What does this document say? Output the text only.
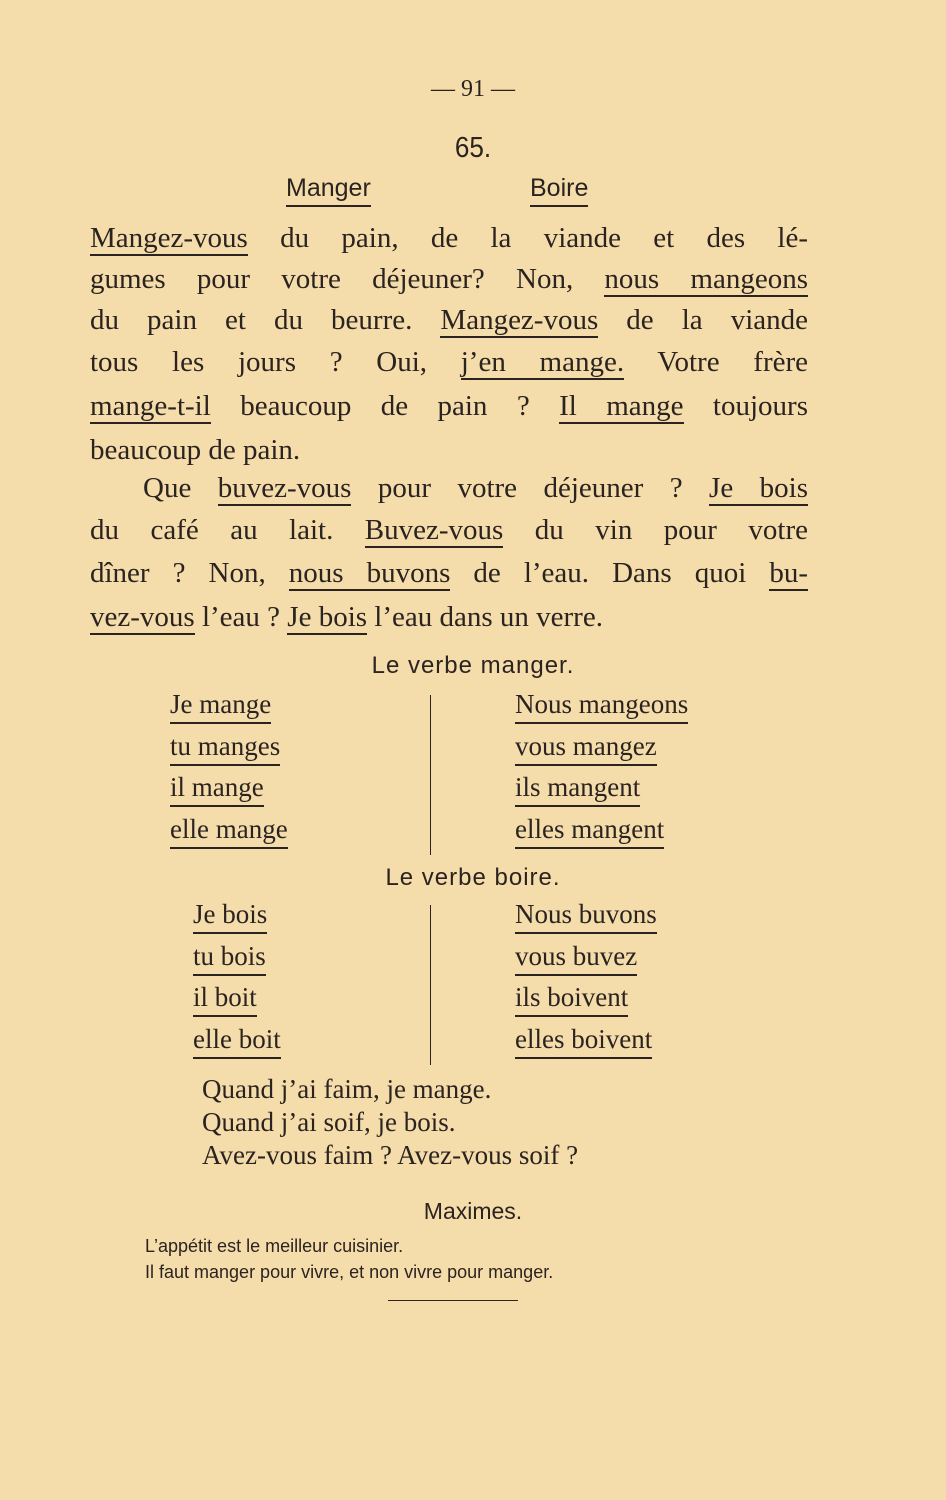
— 91 —
65.
Manger	Boire
Mangez-vous du pain, de la viande et des lé-
gumes pour votre déjeuner? Non, nous mangeons
du pain et du beurre. Mangez-vous de la viande
tous les jours ? Oui, j’en mange. Votre frère
mange-t-il beaucoup de pain ? Il mange toujours
beaucoup de pain.
Que buvez-vous pour votre déjeuner ? Je bois
du café au lait. Buvez-vous du vin pour votre
dîner ? Non, nous buvons de l’eau. Dans quoi bu-
vez-vous l’eau ? Je bois l’eau dans un verre.
Le verbe manger.
Je mange
tu manges
il mange
elle mange
Nous mangeons
vous mangez
ils mangent
elles mangent
Le verbe boire.
Je bois
tu bois
il boit
elle boit
Nous buvons
vous buvez
ils boivent
elles boivent
Quand j’ai faim, je mange.
Quand j’ai soif, je bois.
Avez-vous faim ? Avez-vous soif ?
Maximes.
L’appétit est le meilleur cuisinier.
Il faut manger pour vivre, et non vivre pour manger.
